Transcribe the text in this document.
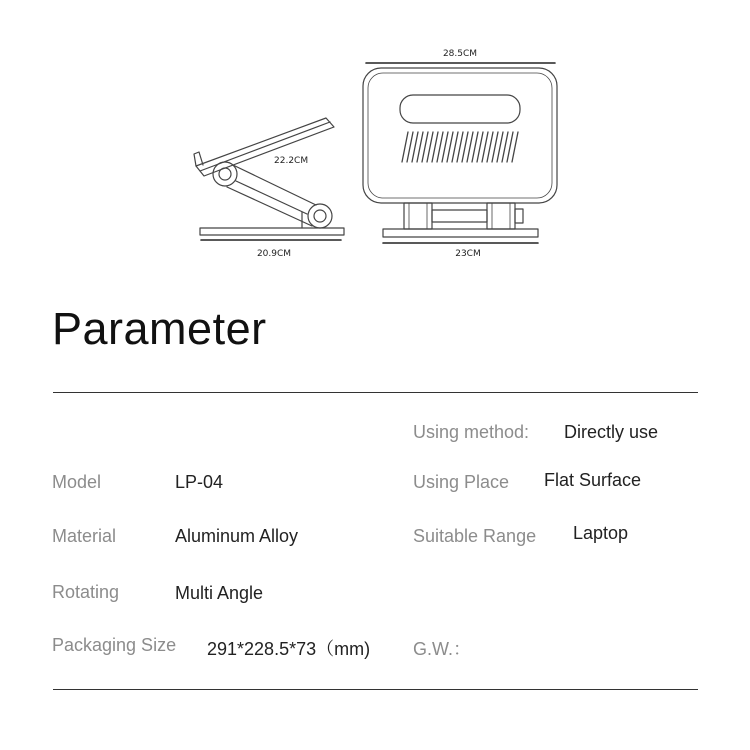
28.5CM
22.2CM
20.9CM	23CM
Parameter
Using method: Directly use
Model	LP-04	Using Place Flat Surface
Material	Aluminum Alloy	Suitable Range Laptop
Rotating	Multi Angle
Packaging Size 291*228.5*73（mm) G.W.：
